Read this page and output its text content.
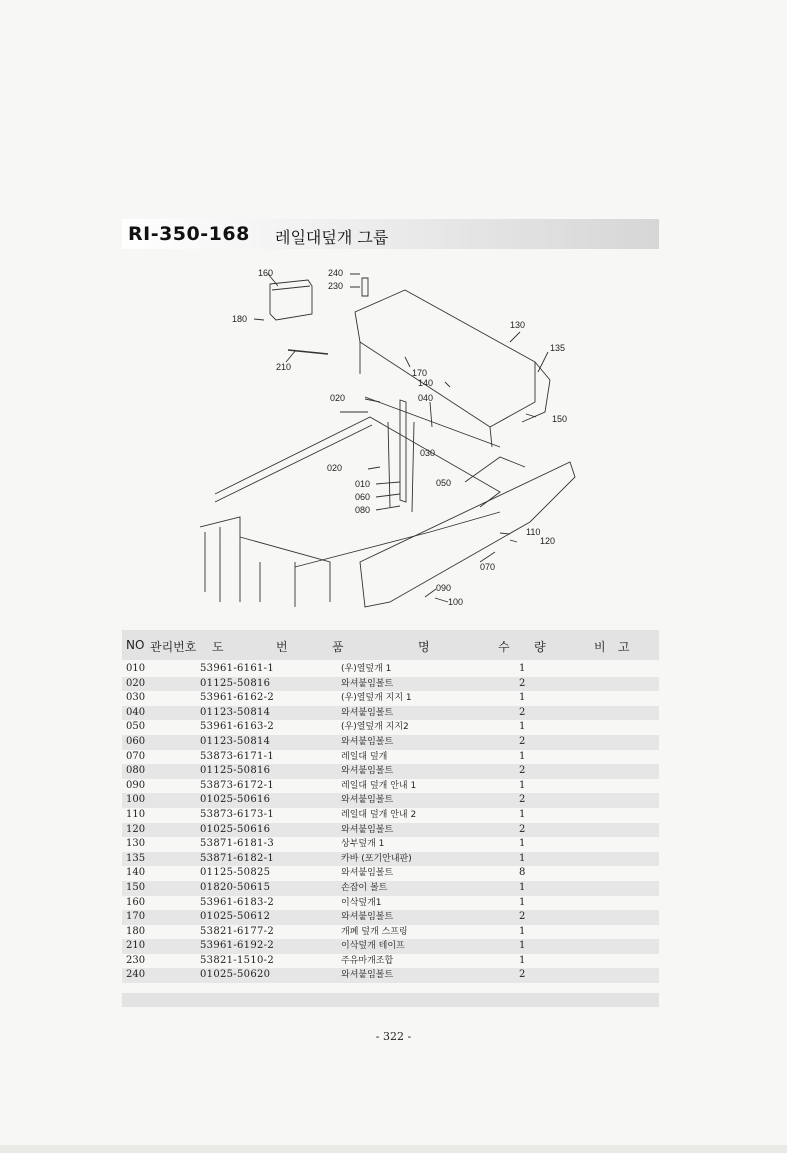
RI-350-168 레일대덮개 그룹
160	240
230
180
210
130
135
170
140
020	040
150
030
020
010	050
060
080
110
120
070
090
100
NO 관리번호 도	번	품	명	수 량	비 고
010	53961-6161-1	(우)열덮개 1	1
020	01125-50816	와셔붙임볼트	2
030	53961-6162-2	(우)열덮개 지지 1	1
040	01123-50814	와셔붙임볼트	2
050	53961-6163-2	(우)열덮개 지지2	1
060	01123-50814	와셔붙임볼트	2
070	53873-6171-1	레일대 덮개	1
080	01125-50816	와셔붙임볼트	2
090	53873-6172-1	레일대 덮개 안내 1	1
100	01025-50616	와셔붙임볼트	2
110	53873-6173-1	레일대 덮개 안내 2	1
120	01025-50616	와셔붙임볼트	2
130	53871-6181-3	상부덮개 1	1
135	53871-6182-1	카바 (포기안내판)	1
140	01125-50825	와셔붙임볼트	8
150	01820-50615	손잡이 볼트	1
160	53961-6183-2	이삭덮개1	1
170	01025-50612	와셔붙임볼트	2
180	53821-6177-2	개폐 덮개 스프링	1
210	53961-6192-2	이삭덮개 테이프	1
230	53821-1510-2	주유마개조합	1
240	01025-50620	와셔붙임볼트	2
- 322 -
